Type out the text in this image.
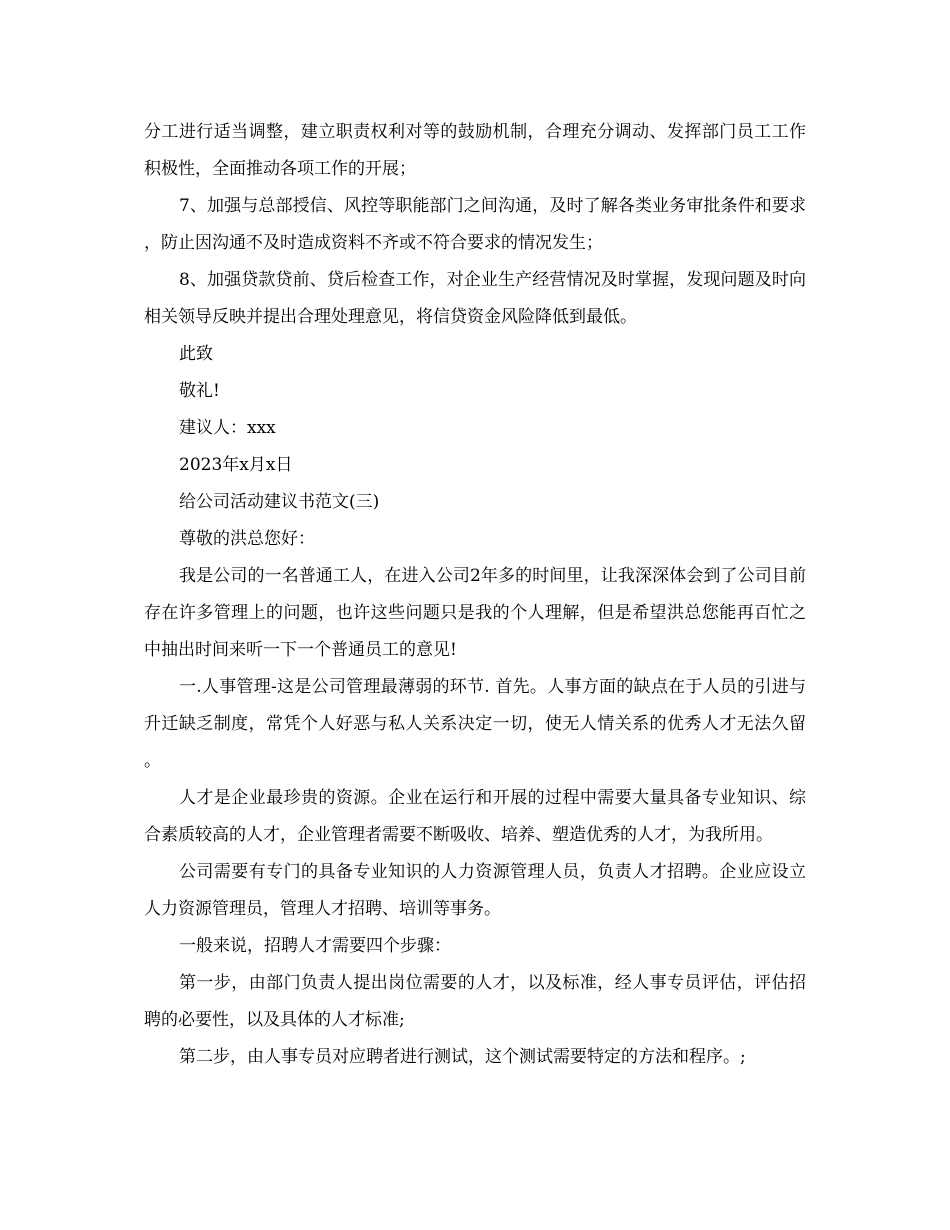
分工进行适当调整，建立职责权利对等的鼓励机制，合理充分调动、发挥部门员工工作积极性，全面推动各项工作的开展；

7、加强与总部授信、风控等职能部门之间沟通，及时了解各类业务审批条件和要求，防止因沟通不及时造成资料不齐或不符合要求的情况发生；

8、加强贷款贷前、贷后检查工作，对企业生产经营情况及时掌握，发现问题及时向相关领导反映并提出合理处理意见，将信贷资金风险降低到最低。

此致

敬礼!

建议人：xxx

2023年x月x日

给公司活动建议书范文(三)

尊敬的洪总您好：

我是公司的一名普通工人，在进入公司2年多的时间里，让我深深体会到了公司目前存在许多管理上的问题，也许这些问题只是我的个人理解，但是希望洪总您能再百忙之中抽出时间来听一下一个普通员工的意见!

一.人事管理-这是公司管理最薄弱的环节. 首先。人事方面的缺点在于人员的引进与升迁缺乏制度，常凭个人好恶与私人关系决定一切，使无人情关系的优秀人才无法久留。

人才是企业最珍贵的资源。企业在运行和开展的过程中需要大量具备专业知识、综合素质较高的人才，企业管理者需要不断吸收、培养、塑造优秀的人才，为我所用。

公司需要有专门的具备专业知识的人力资源管理人员，负责人才招聘。企业应设立人力资源管理员，管理人才招聘、培训等事务。

一般来说，招聘人才需要四个步骤：

第一步，由部门负责人提出岗位需要的人才，以及标准，经人事专员评估，评估招聘的必要性，以及具体的人才标准;

第二步，由人事专员对应聘者进行测试，这个测试需要特定的方法和程序。;
